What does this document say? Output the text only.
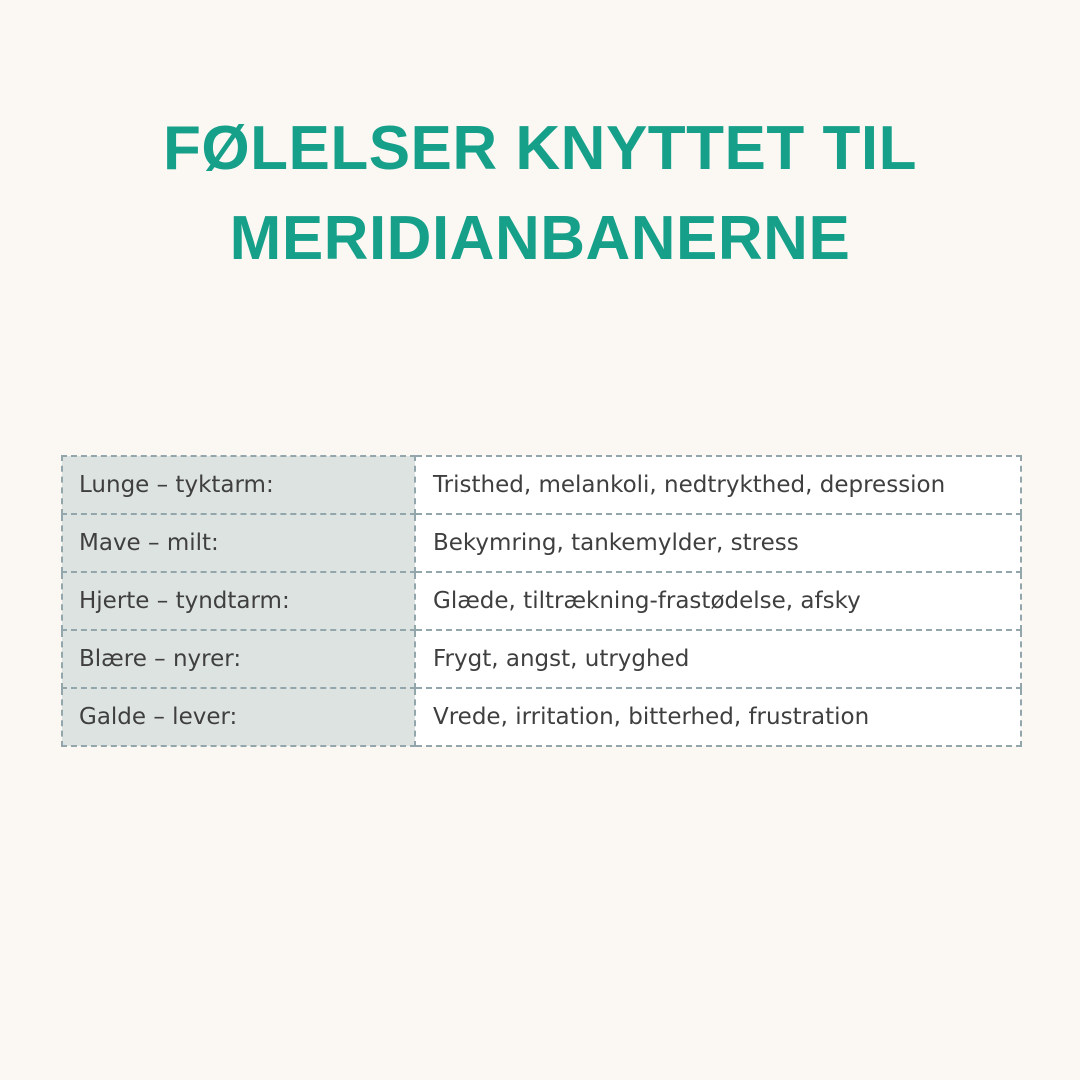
FØLELSER KNYTTET TIL
MERIDIANBANERNE
Lunge – tyktarm:	Tristhed, melankoli, nedtrykthed, depression
Mave – milt:	Bekymring, tankemylder, stress
Hjerte – tyndtarm:	Glæde, tiltrækning-frastødelse, afsky
Blære – nyrer:	Frygt, angst, utryghed
Galde – lever:	Vrede, irritation, bitterhed, frustration
